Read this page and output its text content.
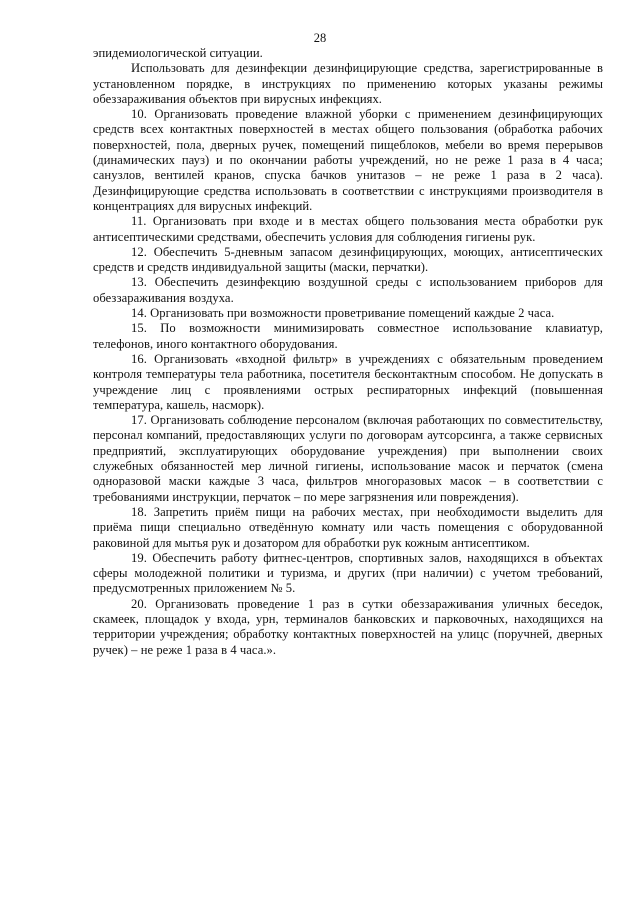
28

эпидемиологической ситуации.

Использовать для дезинфекции дезинфицирующие средства, зарегистрированные в установленном порядке, в инструкциях по применению которых указаны режимы обеззараживания объектов при вирусных инфекциях.

10. Организовать проведение влажной уборки с применением дезинфицирующих средств всех контактных поверхностей в местах общего пользования (обработка рабочих поверхностей, пола, дверных ручек, помещений пищеблоков, мебели во время перерывов (динамических пауз) и по окончании работы учреждений, но не реже 1 раза в 4 часа; санузлов, вентилей кранов, спуска бачков унитазов – не реже 1 раза в 2 часа). Дезинфицирующие средства использовать в соответствии с инструкциями производителя в концентрациях для вирусных инфекций.

11. Организовать при входе и в местах общего пользования места обработки рук антисептическими средствами, обеспечить условия для соблюдения гигиены рук.

12. Обеспечить 5-дневным запасом дезинфицирующих, моющих, антисептических средств и средств индивидуальной защиты (маски, перчатки).

13. Обеспечить дезинфекцию воздушной среды с использованием приборов для обеззараживания воздуха.

14. Организовать при возможности проветривание помещений каждые 2 часа.

15. По возможности минимизировать совместное использование клавиатур, телефонов, иного контактного оборудования.

16. Организовать «входной фильтр» в учреждениях с обязательным проведением контроля температуры тела работника, посетителя бесконтактным способом. Не допускать в учреждение лиц с проявлениями острых респираторных инфекций (повышенная температура, кашель, насморк).

17. Организовать соблюдение персоналом (включая работающих по совместительству, персонал компаний, предоставляющих услуги по договорам аутсорсинга, а также сервисных предприятий, эксплуатирующих оборудование учреждения) при выполнении своих служебных обязанностей мер личной гигиены, использование масок и перчаток (смена одноразовой маски каждые 3 часа, фильтров многоразовых масок – в соответствии с требованиями инструкции, перчаток – по мере загрязнения или повреждения).

18. Запретить приём пищи на рабочих местах, при необходимости выделить для приёма пищи специально отведённую комнату или часть помещения с оборудованной раковиной для мытья рук и дозатором для обработки рук кожным антисептиком.

19. Обеспечить работу фитнес-центров, спортивных залов, находящихся в объектах сферы молодежной политики и туризма, и других (при наличии) с учетом требований, предусмотренных приложением № 5.

20. Организовать проведение 1 раз в сутки обеззараживания уличных беседок, скамеек, площадок у входа, урн, терминалов банковских и парковочных, находящихся на территории учреждения; обработку контактных поверхностей на улицс (поручней, дверных ручек) – не реже 1 раза в 4 часа.».
